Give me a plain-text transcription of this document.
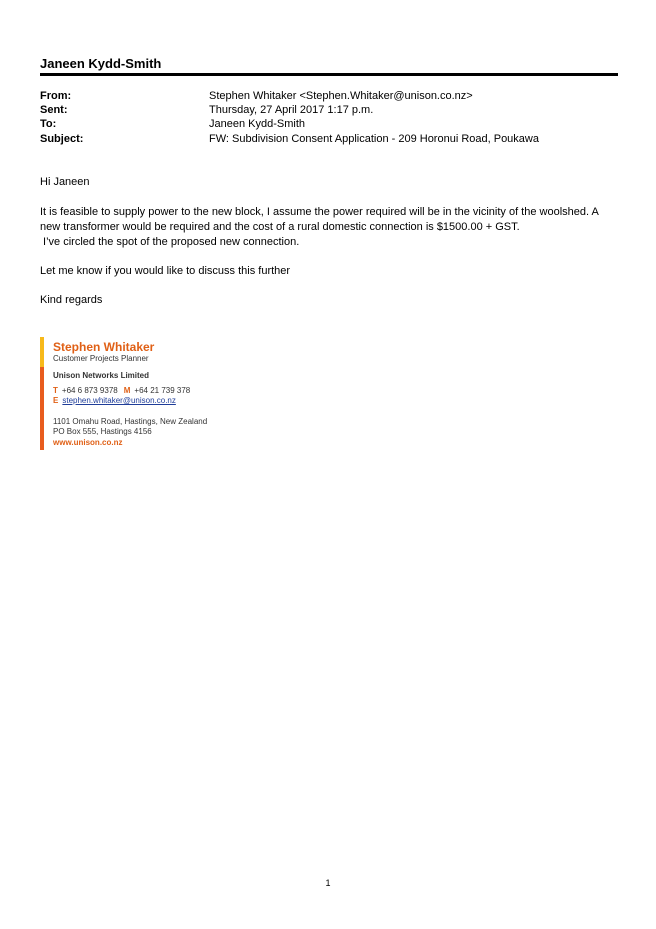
Janeen Kydd-Smith
From:	Stephen Whitaker <Stephen.Whitaker@unison.co.nz>
Sent:	Thursday, 27 April 2017 1:17 p.m.
To:	Janeen Kydd-Smith
Subject:	FW: Subdivision Consent Application - 209 Horonui Road, Poukawa

Hi Janeen

It is feasible to supply power to the new block, I assume the power required will be in the vicinity of the woolshed. A

new transformer would be required and the cost of a rural domestic connection is $1500.00 + GST.

I’ve circled the spot of the proposed new connection.

Let me know if you would like to discuss this further

Kind regards

Stephen Whitaker
Customer Projects Planner
Unison Networks Limited
T +64 6 873 9378 M +64 21 739 378
E stephen.whitaker@unison.co.nz
1101 Omahu Road, Hastings, New Zealand
PO Box 555, Hastings 4156
www.unison.co.nz
1
